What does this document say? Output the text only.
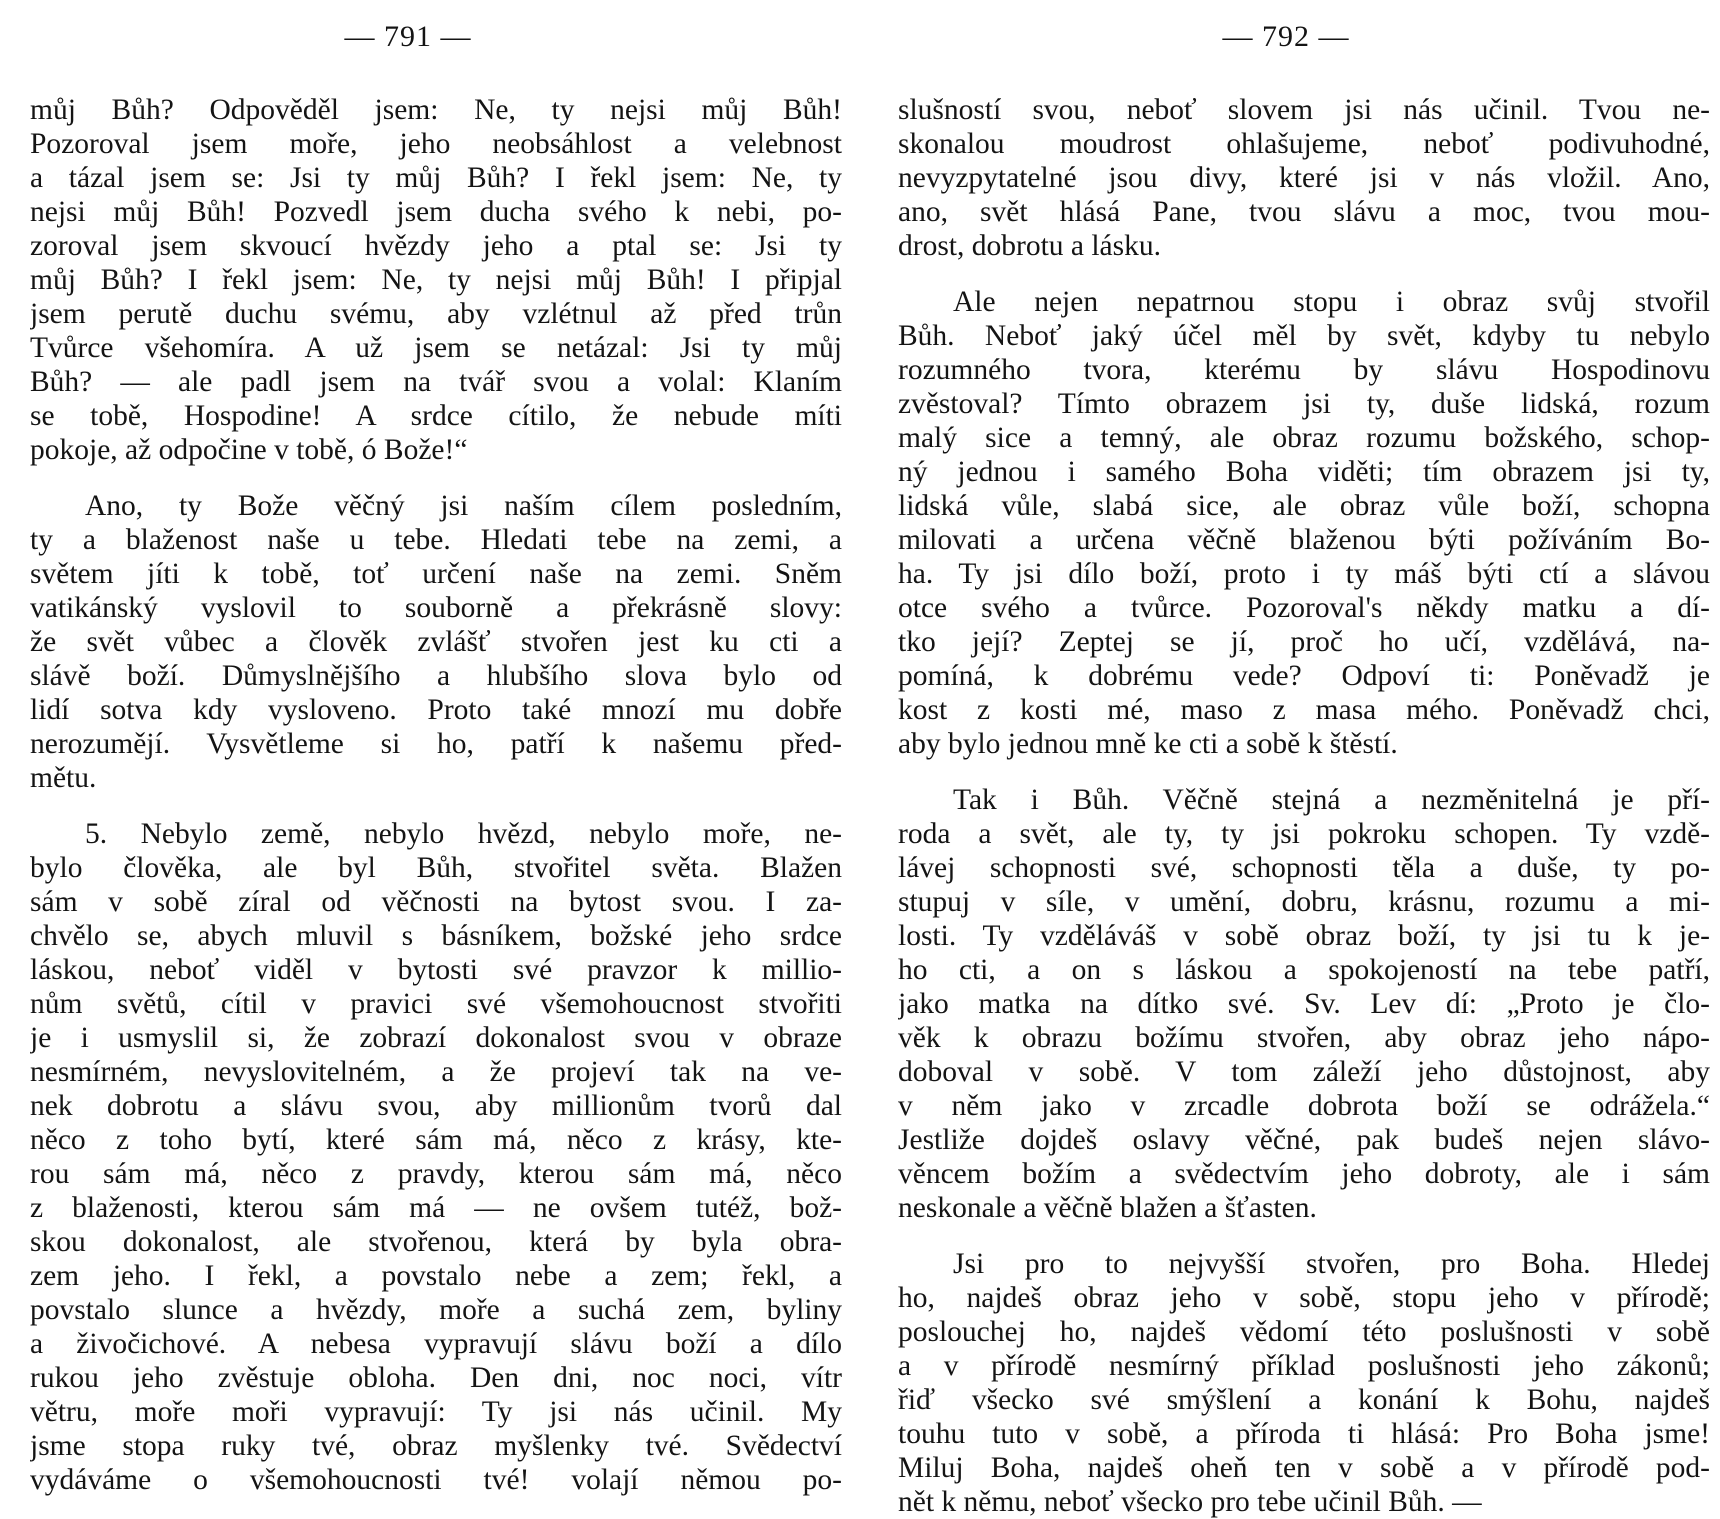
— 791 —
můj Bůh? Odpověděl jsem: Ne, ty nejsi můj Bůh!
Pozoroval jsem moře, jeho neobsáhlost a velebnost
a tázal jsem se: Jsi ty můj Bůh? I řekl jsem: Ne, ty
nejsi můj Bůh! Pozvedl jsem ducha svého k nebi, po-
zoroval jsem skvoucí hvězdy jeho a ptal se: Jsi ty
můj Bůh? I řekl jsem: Ne, ty nejsi můj Bůh! I připjal
jsem perutě duchu svému, aby vzlétnul až před trůn
Tvůrce všehomíra. A už jsem se netázal: Jsi ty můj
Bůh? — ale padl jsem na tvář svou a volal: Klaním
se tobě, Hospodine! A srdce cítilo, že nebude míti
pokoje, až odpočine v tobě, ó Bože!“
Ano, ty Bože věčný jsi naším cílem posledním,
ty a blaženost naše u tebe. Hledati tebe na zemi, a
světem jíti k tobě, toť určení naše na zemi. Sněm
vatikánský vyslovil to souborně a překrásně slovy:
že svět vůbec a člověk zvlášť stvořen jest ku cti a
slávě boží. Důmyslnějšího a hlubšího slova bylo od
lidí sotva kdy vysloveno. Proto také mnozí mu dobře
nerozumějí. Vysvětleme si ho, patří k našemu před-
mětu.
5. Nebylo země, nebylo hvězd, nebylo moře, ne-
bylo člověka, ale byl Bůh, stvořitel světa. Blažen
sám v sobě zíral od věčnosti na bytost svou. I za-
chvělo se, abych mluvil s básníkem, božské jeho srdce
láskou, neboť viděl v bytosti své pravzor k millio-
nům světů, cítil v pravici své všemohoucnost stvořiti
je i usmyslil si, že zobrazí dokonalost svou v obraze
nesmírném, nevyslovitelném, a že projeví tak na ve-
nek dobrotu a slávu svou, aby millionům tvorů dal
něco z toho bytí, které sám má, něco z krásy, kte-
rou sám má, něco z pravdy, kterou sám má, něco
z blaženosti, kterou sám má — ne ovšem tutéž, bož-
skou dokonalost, ale stvořenou, která by byla obra-
zem jeho. I řekl, a povstalo nebe a zem; řekl, a
povstalo slunce a hvězdy, moře a suchá zem, byliny
a živočichové. A nebesa vypravují slávu boží a dílo
rukou jeho zvěstuje obloha. Den dni, noc noci, vítr
větru, moře moři vypravují: Ty jsi nás učinil. My
jsme stopa ruky tvé, obraz myšlenky tvé. Svědectví
vydáváme o všemohoucnosti tvé! volají němou po-
— 792 —
slušností svou, neboť slovem jsi nás učinil. Tvou ne-
skonalou moudrost ohlašujeme, neboť podivuhodné,
nevyzpytatelné jsou divy, které jsi v nás vložil. Ano,
ano, svět hlásá Pane, tvou slávu a moc, tvou mou-
drost, dobrotu a lásku.
Ale nejen nepatrnou stopu i obraz svůj stvořil
Bůh. Neboť jaký účel měl by svět, kdyby tu nebylo
rozumného tvora, kterému by slávu Hospodinovu
zvěstoval? Tímto obrazem jsi ty, duše lidská, rozum
malý sice a temný, ale obraz rozumu božského, schop-
ný jednou i samého Boha viděti; tím obrazem jsi ty,
lidská vůle, slabá sice, ale obraz vůle boží, schopna
milovati a určena věčně blaženou býti požíváním Bo-
ha. Ty jsi dílo boží, proto i ty máš býti ctí a slávou
otce svého a tvůrce. Pozoroval's někdy matku a dí-
tko její? Zeptej se jí, proč ho učí, vzdělává, na-
pomíná, k dobrému vede? Odpoví ti: Poněvadž je
kost z kosti mé, maso z masa mého. Poněvadž chci,
aby bylo jednou mně ke cti a sobě k štěstí.
Tak i Bůh. Věčně stejná a nezměnitelná je pří-
roda a svět, ale ty, ty jsi pokroku schopen. Ty vzdě-
lávej schopnosti své, schopnosti těla a duše, ty po-
stupuj v síle, v umění, dobru, krásnu, rozumu a mi-
losti. Ty vzděláváš v sobě obraz boží, ty jsi tu k je-
ho cti, a on s láskou a spokojeností na tebe patří,
jako matka na dítko své. Sv. Lev dí: „Proto je člo-
věk k obrazu božímu stvořen, aby obraz jeho nápo-
doboval v sobě. V tom záleží jeho důstojnost, aby
v něm jako v zrcadle dobrota boží se odrážela.“
Jestliže dojdeš oslavy věčné, pak budeš nejen slávo-
věncem božím a svědectvím jeho dobroty, ale i sám
neskonale a věčně blažen a šťasten.
Jsi pro to nejvyšší stvořen, pro Boha. Hledej
ho, najdeš obraz jeho v sobě, stopu jeho v přírodě;
poslouchej ho, najdeš vědomí této poslušnosti v sobě
a v přírodě nesmírný příklad poslušnosti jeho zákonů;
řiď všecko své smýšlení a konání k Bohu, najdeš
touhu tuto v sobě, a příroda ti hlásá: Pro Boha jsme!
Miluj Boha, najdeš oheň ten v sobě a v přírodě pod-
nět k němu, neboť všecko pro tebe učinil Bůh. —
